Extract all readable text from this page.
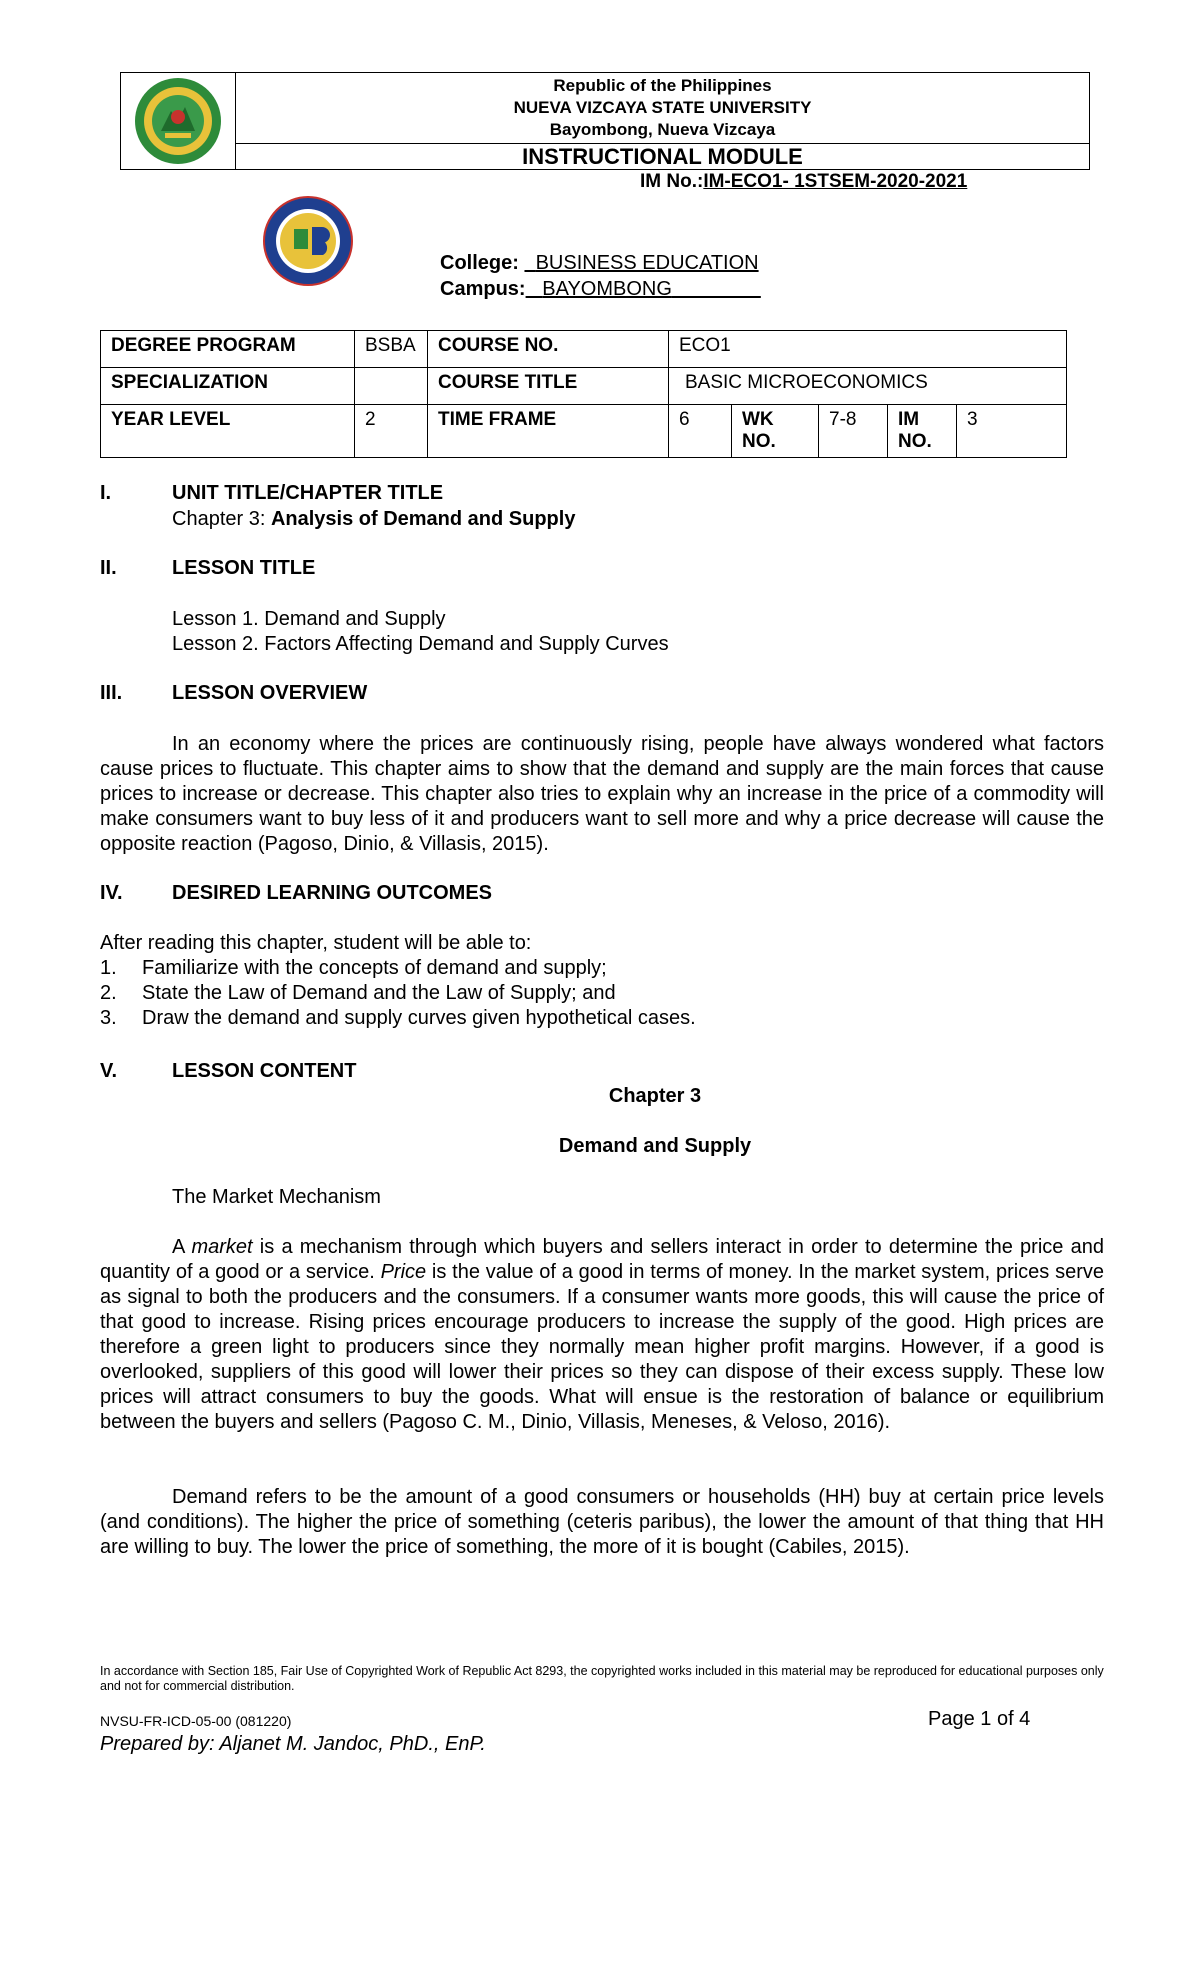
Republic of the Philippines
NUEVA VIZCAYA STATE UNIVERSITY
Bayombong, Nueva Vizcaya
INSTRUCTIONAL MODULE
IM No.:IM-ECO1- 1STSEM-2020-2021
College: BUSINESS EDUCATION
Campus: BAYOMBONG
DEGREE PROGRAM	BSBA	COURSE NO.	ECO1				
SPECIALIZATION		COURSE TITLE	BASIC MICROECONOMICS				
YEAR LEVEL	2	TIME FRAME	6	WK NO.	7-8	IM NO.	3
I.	UNIT TITLE/CHAPTER TITLE
Chapter 3: Analysis of Demand and Supply
II.	LESSON TITLE
Lesson 1. Demand and Supply
Lesson 2. Factors Affecting Demand and Supply Curves
III. LESSON OVERVIEW
In an economy where the prices are continuously rising, people have always wondered what factors cause prices to fluctuate. This chapter aims to show that the demand and supply are the main forces that cause prices to increase or decrease. This chapter also tries to explain why an increase in the price of a commodity will make consumers want to buy less of it and producers want to sell more and why a price decrease will cause the opposite reaction (Pagoso, Dinio, & Villasis, 2015).
IV. DESIRED LEARNING OUTCOMES
After reading this chapter, student will be able to:
1. Familiarize with the concepts of demand and supply;
2. State the Law of Demand and the Law of Supply; and
3. Draw the demand and supply curves given hypothetical cases.
V.	LESSON CONTENT
Chapter 3
Demand and Supply
The Market Mechanism
A market is a mechanism through which buyers and sellers interact in order to determine the price and quantity of a good or a service. Price is the value of a good in terms of money. In the market system, prices serve as signal to both the producers and the consumers. If a consumer wants more goods, this will cause the price of that good to increase. Rising prices encourage producers to increase the supply of the good. High prices are therefore a green light to producers since they normally mean higher profit margins. However, if a good is overlooked, suppliers of this good will lower their prices so they can dispose of their excess supply. These low prices will attract consumers to buy the goods. What will ensue is the restoration of balance or equilibrium between the buyers and sellers (Pagoso C. M., Dinio, Villasis, Meneses, & Veloso, 2016).
Demand refers to be the amount of a good consumers or households (HH) buy at certain price levels (and conditions). The higher the price of something (ceteris paribus), the lower the amount of that thing that HH are willing to buy. The lower the price of something, the more of it is bought (Cabiles, 2015).
In accordance with Section 185, Fair Use of Copyrighted Work of Republic Act 8293, the copyrighted works included in this material may be reproduced for educational purposes only and not for commercial distribution.
NVSU-FR-ICD-05-00 (081220)	Page 1 of 4
Prepared by: Aljanet M. Jandoc, PhD., EnP.
